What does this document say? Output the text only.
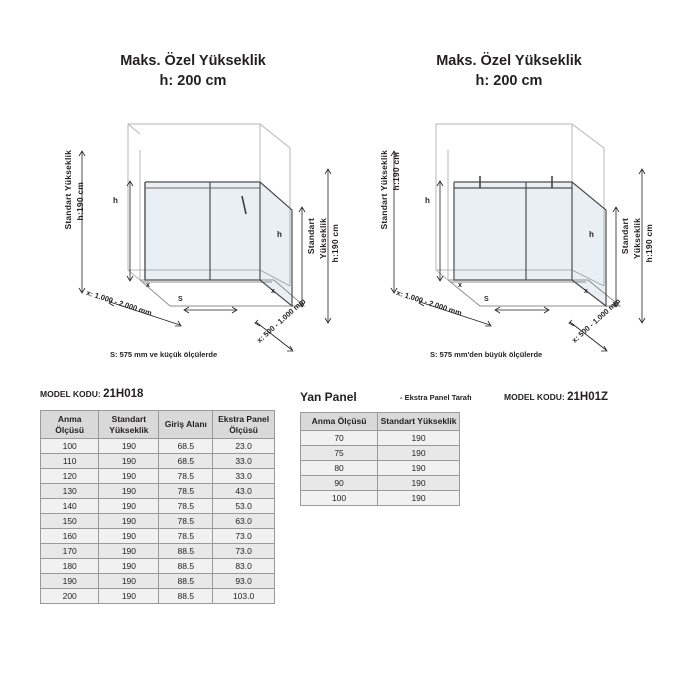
Maks. Özel Yükseklik
h: 200 cm
Standart Yükseklik h:190 cm	h
Standart Yükseklik h:190 cm
h
x: 1.000 - 2.000 mm
x
S
x
x: 500 - 1.000 mm
S: 575 mm ve küçük ölçülerde
Maks. Özel Yükseklik
h: 200 cm
Standart Yükseklik h:190 cm
h
Standart Yükseklik h:190 cm
h
x: 1.000 - 2.000 mm
x
S
x
x: 500 - 1.000 mm
S: 575 mm'den büyük ölçülerde
MODEL KODU: 21H018
Anma Ölçüsü	Standart Yükseklik	Giriş Alanı	Ekstra Panel Ölçüsü
100	190	68.5	23.0
110	190	68.5	33.0
120	190	78.5	33.0
130	190	78.5	43.0
140	190	78.5	53.0
150	190	78.5	63.0
160	190	78.5	73.0
170	190	88.5	73.0
180	190	88.5	83.0
190	190	88.5	93.0
200	190	88.5	103.0
Yan Panel	- Ekstra Panel Tarafı	MODEL KODU: 21H01Z
Anma Ölçüsü	Standart Yükseklik
70	190
75	190
80	190
90	190
100	190
